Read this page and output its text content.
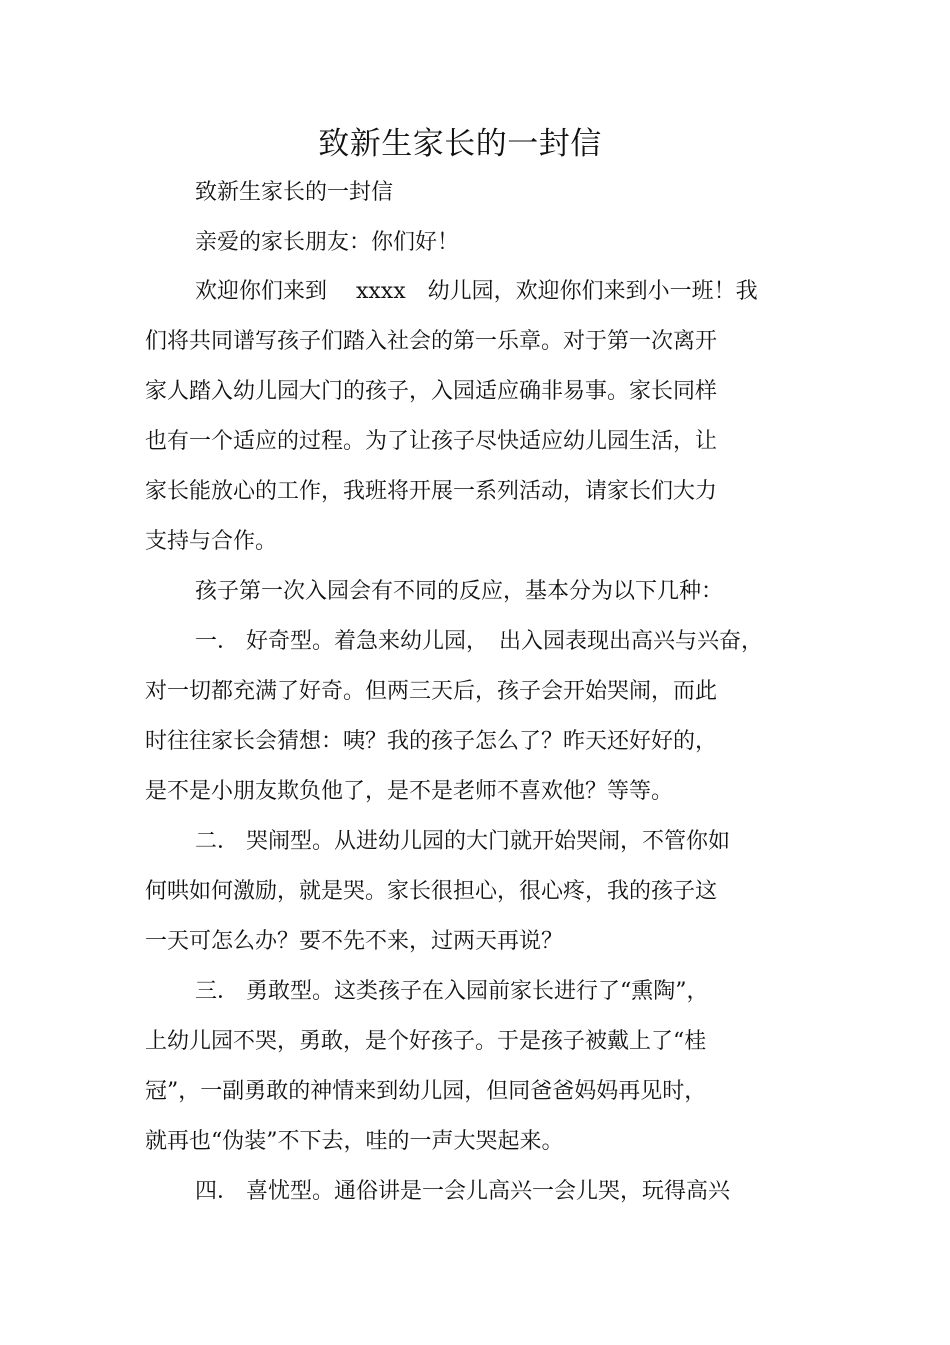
致新生家长的一封信
致新生家长的一封信
亲爱的家长朋友：你们好！
欢迎你们来到　 xxxx　幼儿园，欢迎你们来到小一班！我
们将共同谱写孩子们踏入社会的第一乐章。对于第一次离开
家人踏入幼儿园大门的孩子，入园适应确非易事。家长同样
也有一个适应的过程。为了让孩子尽快适应幼儿园生活，让
家长能放心的工作，我班将开展一系列活动，请家长们大力
支持与合作。
孩子第一次入园会有不同的反应，基本分为以下几种：
一． 好奇型。着急来幼儿园，　出入园表现出高兴与兴奋，
对一切都充满了好奇。但两三天后，孩子会开始哭闹，而此
时往往家长会猜想：咦？我的孩子怎么了？昨天还好好的，
是不是小朋友欺负他了，是不是老师不喜欢他？等等。
二． 哭闹型。从进幼儿园的大门就开始哭闹，不管你如
何哄如何激励，就是哭。家长很担心，很心疼，我的孩子这
一天可怎么办？要不先不来，过两天再说？
三． 勇敢型。这类孩子在入园前家长进行了“熏陶”，
上幼儿园不哭，勇敢，是个好孩子。于是孩子被戴上了“桂
冠”，一副勇敢的神情来到幼儿园，但同爸爸妈妈再见时，
就再也“伪装”不下去，哇的一声大哭起来。
四． 喜忧型。通俗讲是一会儿高兴一会儿哭，玩得高兴
